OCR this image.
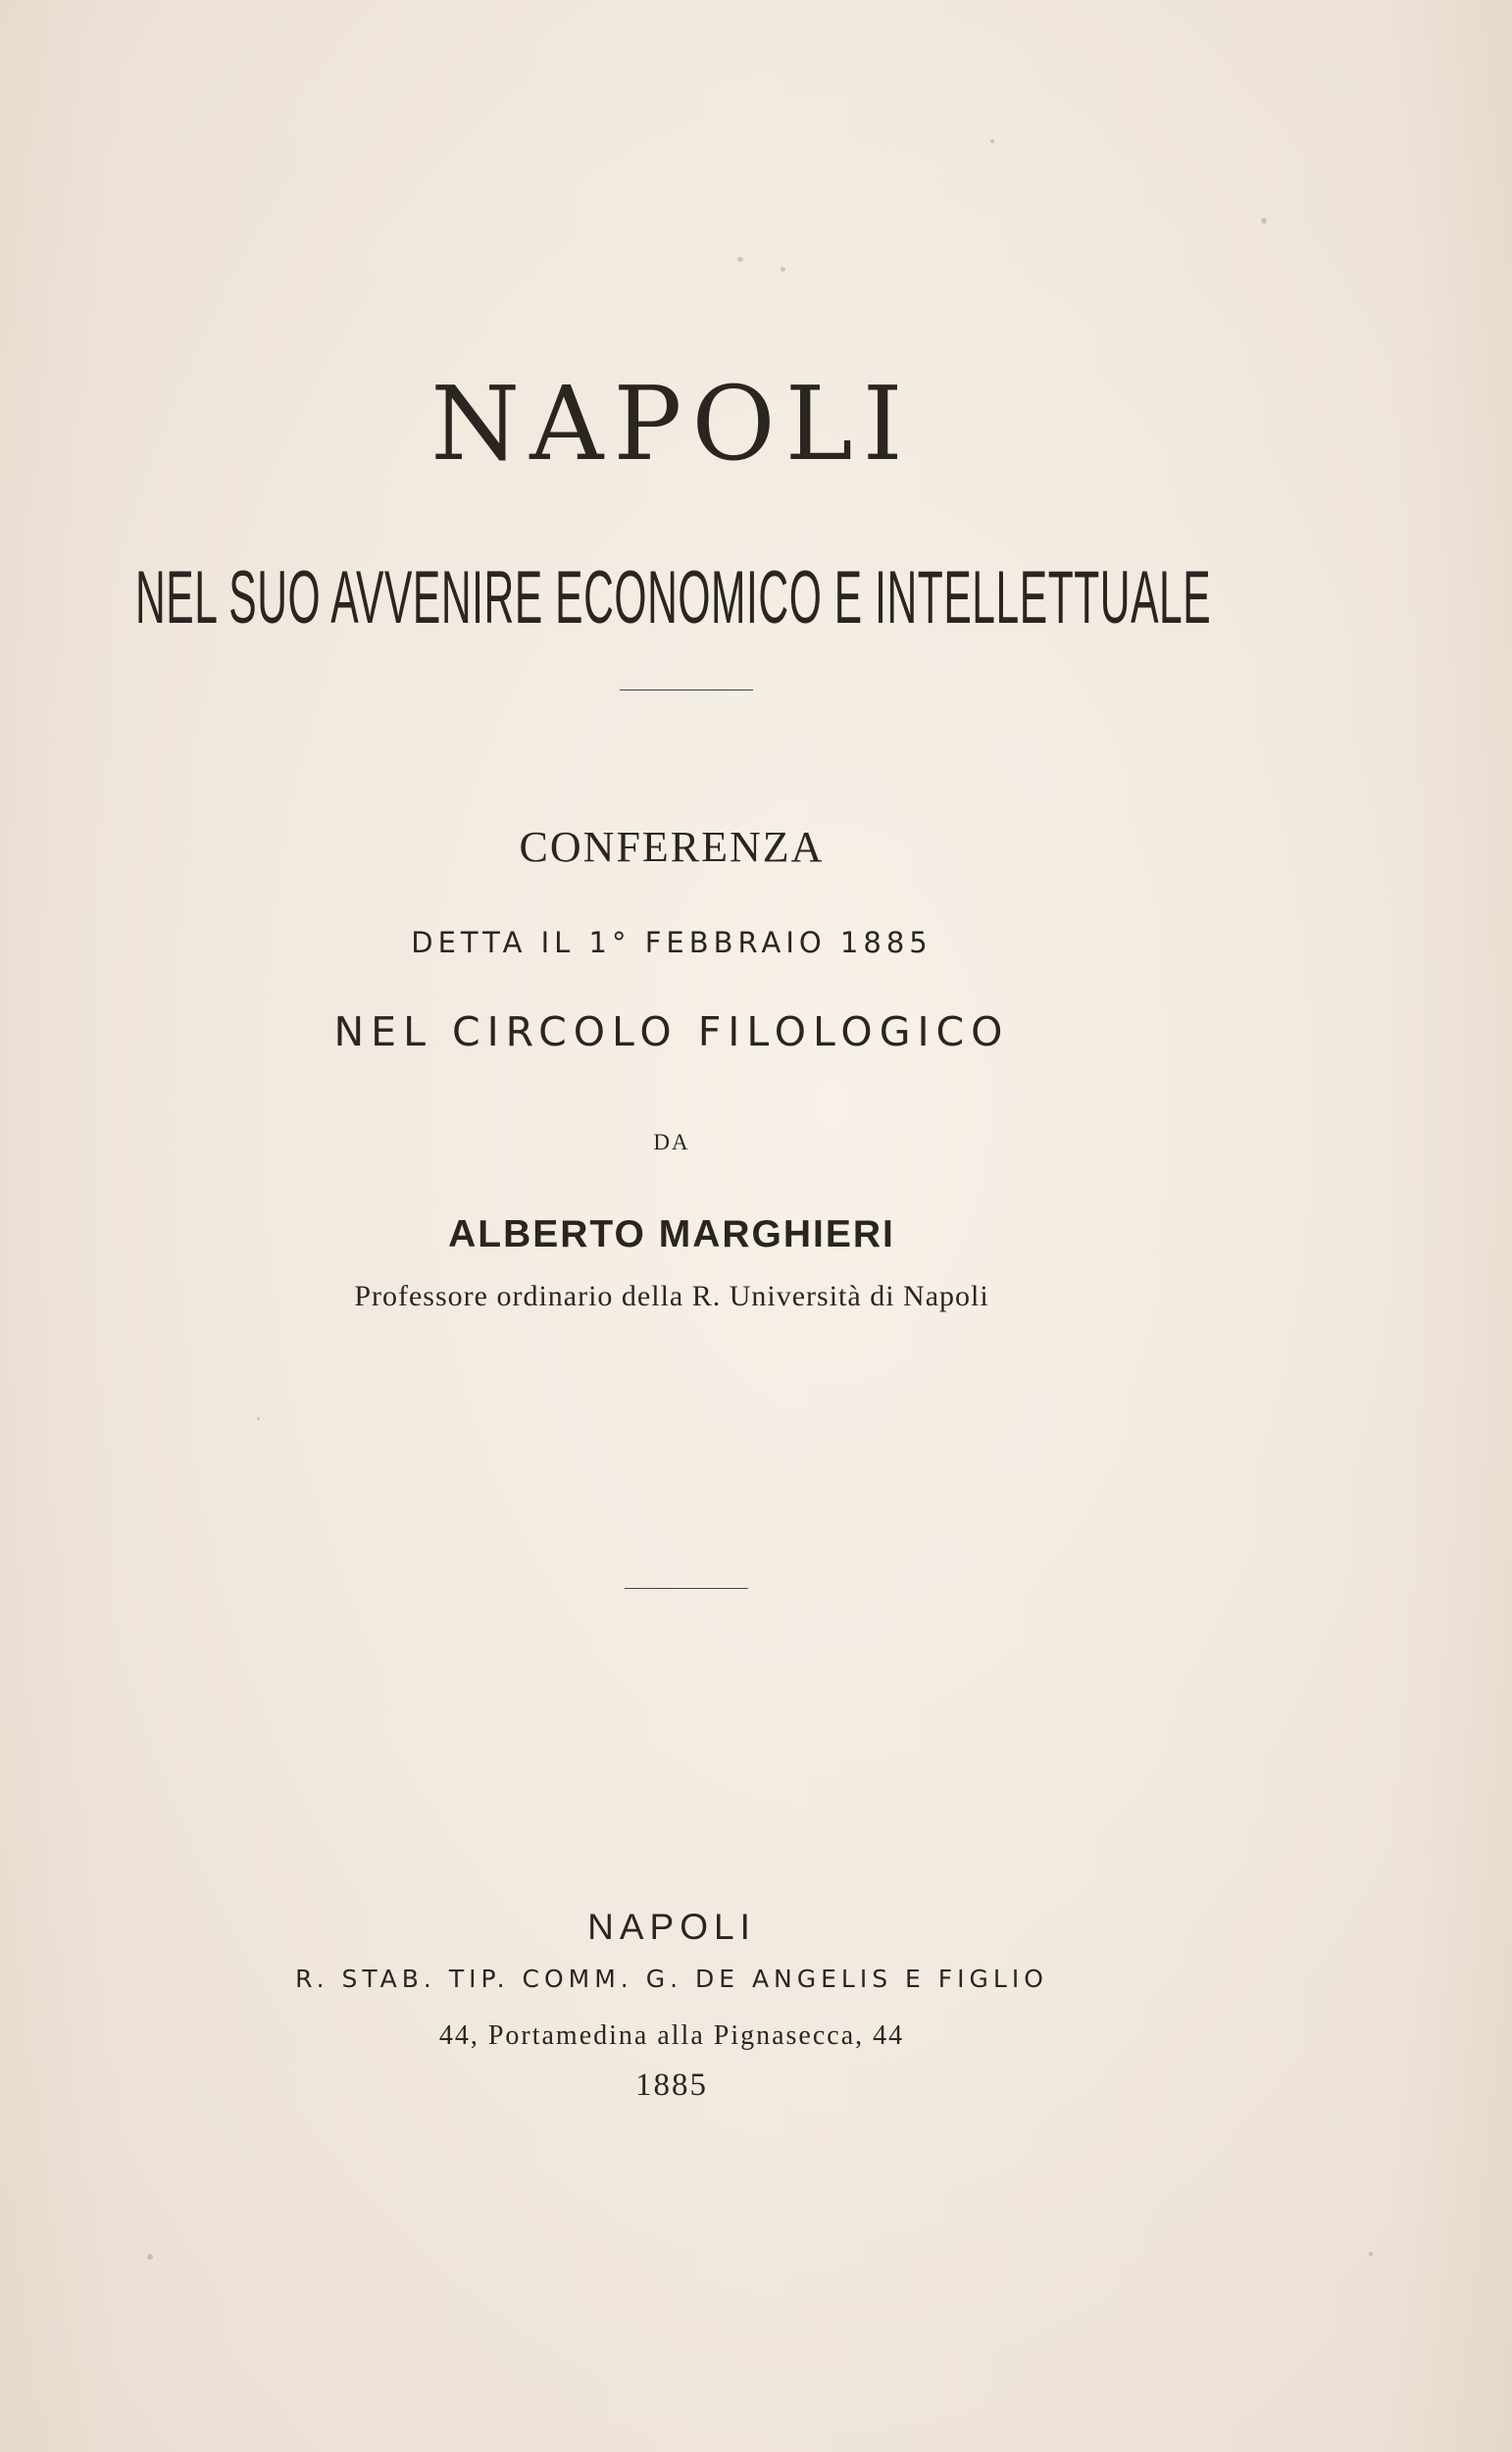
NAPOLI
NEL SUO AVVENIRE ECONOMICO E INTELLETTUALE
CONFERENZA
DETTA IL 1° FEBBRAIO 1885
NEL CIRCOLO FILOLOGICO
DA
ALBERTO MARGHIERI
Professore ordinario della R. Università di Napoli
NAPOLI
R. STAB. TIP. COMM. G. DE ANGELIS E FIGLIO
44, Portamedina alla Pignasecca, 44
1885
